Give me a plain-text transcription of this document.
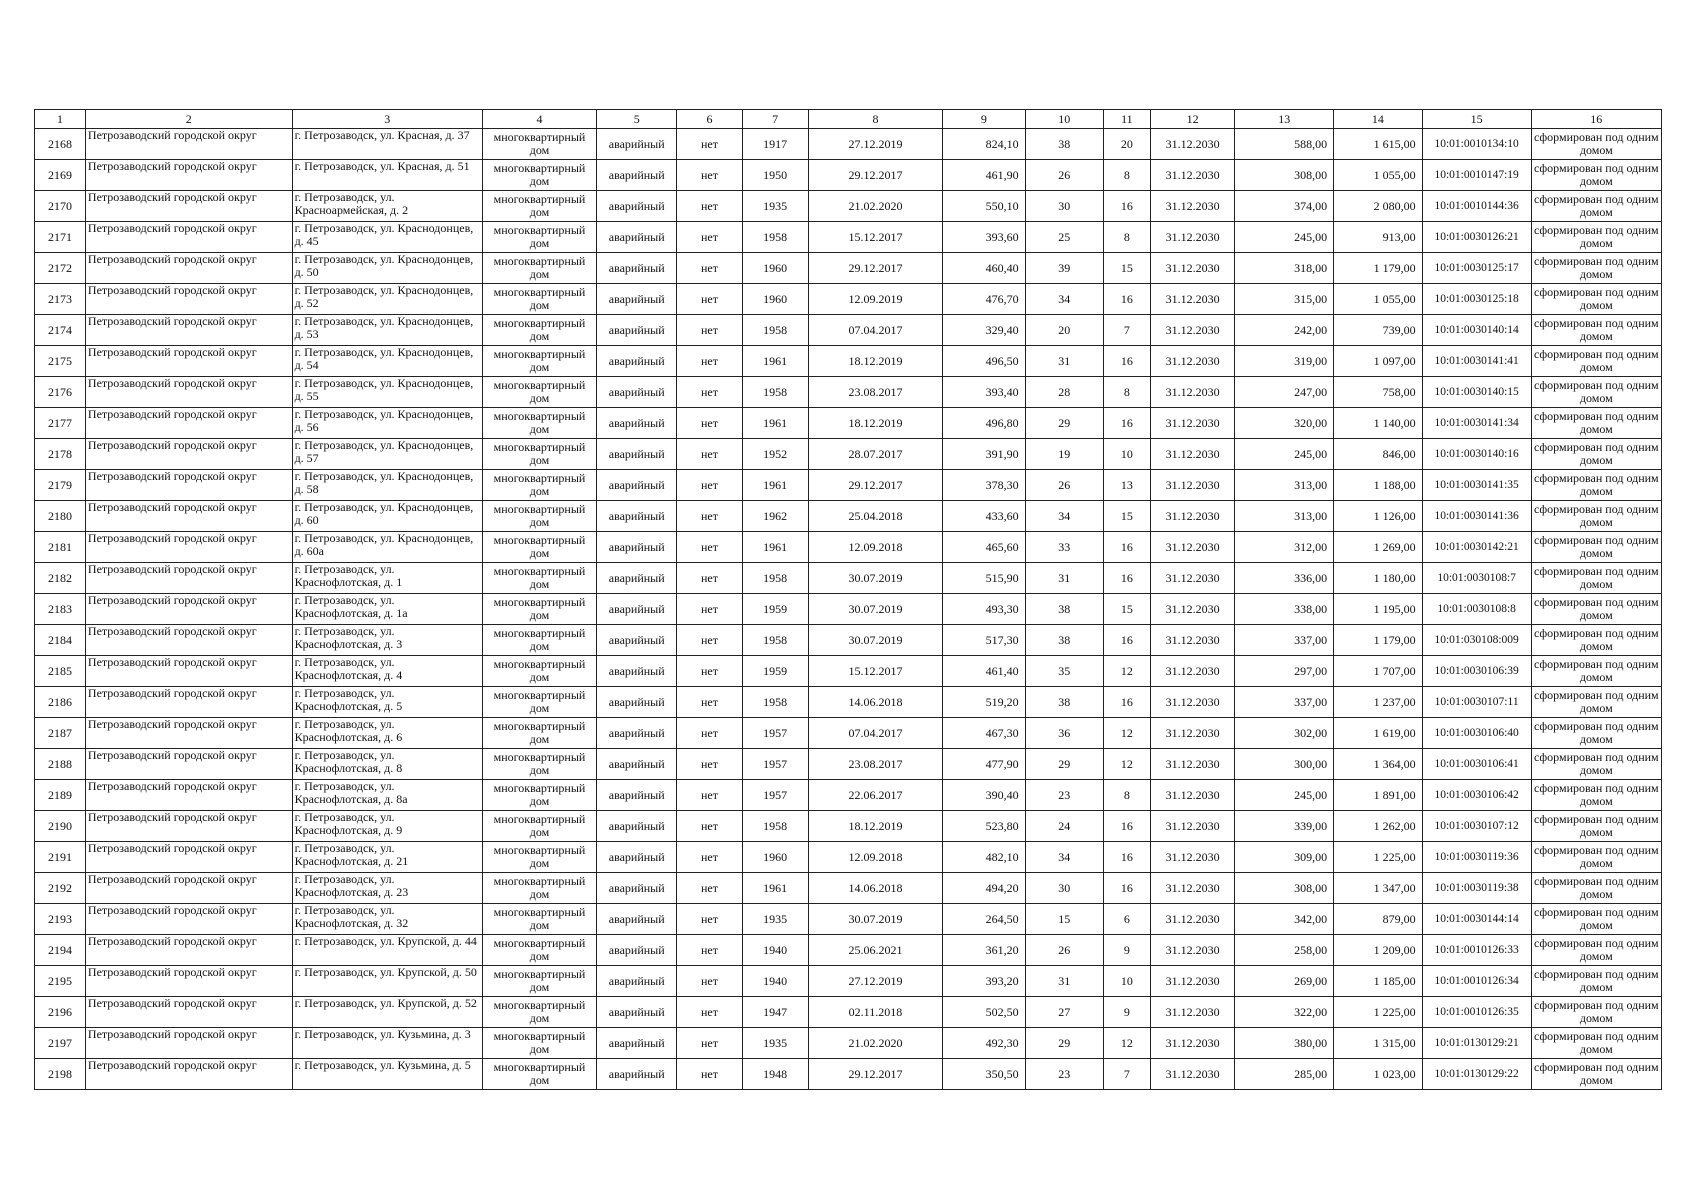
1	2	3	4	5	6	7	8	9	10	11	12	13	14	15	16
2168	Петрозаводский городской округ	г. Петрозаводск, ул. Красная, д. 37	многоквартирный дом	аварийный	нет	1917	27.12.2019	824,10	38	20	31.12.2030	588,00	1 615,00	10:01:0010134:10	сформирован под одним домом
2169	Петрозаводский городской округ	г. Петрозаводск, ул. Красная, д. 51	многоквартирный дом	аварийный	нет	1950	29.12.2017	461,90	26	8	31.12.2030	308,00	1 055,00	10:01:0010147:19	сформирован под одним домом
2170	Петрозаводский городской округ	г. Петрозаводск, ул. Красноармейская, д. 2	многоквартирный дом	аварийный	нет	1935	21.02.2020	550,10	30	16	31.12.2030	374,00	2 080,00	10:01:0010144:36	сформирован под одним домом
2171	Петрозаводский городской округ	г. Петрозаводск, ул. Краснодонцев, д. 45	многоквартирный дом	аварийный	нет	1958	15.12.2017	393,60	25	8	31.12.2030	245,00	913,00	10:01:0030126:21	сформирован под одним домом
2172	Петрозаводский городской округ	г. Петрозаводск, ул. Краснодонцев, д. 50	многоквартирный дом	аварийный	нет	1960	29.12.2017	460,40	39	15	31.12.2030	318,00	1 179,00	10:01:0030125:17	сформирован под одним домом
2173	Петрозаводский городской округ	г. Петрозаводск, ул. Краснодонцев, д. 52	многоквартирный дом	аварийный	нет	1960	12.09.2019	476,70	34	16	31.12.2030	315,00	1 055,00	10:01:0030125:18	сформирован под одним домом
2174	Петрозаводский городской округ	г. Петрозаводск, ул. Краснодонцев, д. 53	многоквартирный дом	аварийный	нет	1958	07.04.2017	329,40	20	7	31.12.2030	242,00	739,00	10:01:0030140:14	сформирован под одним домом
2175	Петрозаводский городской округ	г. Петрозаводск, ул. Краснодонцев, д. 54	многоквартирный дом	аварийный	нет	1961	18.12.2019	496,50	31	16	31.12.2030	319,00	1 097,00	10:01:0030141:41	сформирован под одним домом
2176	Петрозаводский городской округ	г. Петрозаводск, ул. Краснодонцев, д. 55	многоквартирный дом	аварийный	нет	1958	23.08.2017	393,40	28	8	31.12.2030	247,00	758,00	10:01:0030140:15	сформирован под одним домом
2177	Петрозаводский городской округ	г. Петрозаводск, ул. Краснодонцев, д. 56	многоквартирный дом	аварийный	нет	1961	18.12.2019	496,80	29	16	31.12.2030	320,00	1 140,00	10:01:0030141:34	сформирован под одним домом
2178	Петрозаводский городской округ	г. Петрозаводск, ул. Краснодонцев, д. 57	многоквартирный дом	аварийный	нет	1952	28.07.2017	391,90	19	10	31.12.2030	245,00	846,00	10:01:0030140:16	сформирован под одним домом
2179	Петрозаводский городской округ	г. Петрозаводск, ул. Краснодонцев, д. 58	многоквартирный дом	аварийный	нет	1961	29.12.2017	378,30	26	13	31.12.2030	313,00	1 188,00	10:01:0030141:35	сформирован под одним домом
2180	Петрозаводский городской округ	г. Петрозаводск, ул. Краснодонцев, д. 60	многоквартирный дом	аварийный	нет	1962	25.04.2018	433,60	34	15	31.12.2030	313,00	1 126,00	10:01:0030141:36	сформирован под одним домом
2181	Петрозаводский городской округ	г. Петрозаводск, ул. Краснодонцев, д. 60а	многоквартирный дом	аварийный	нет	1961	12.09.2018	465,60	33	16	31.12.2030	312,00	1 269,00	10:01:0030142:21	сформирован под одним домом
2182	Петрозаводский городской округ	г. Петрозаводск, ул. Краснофлотская, д. 1	многоквартирный дом	аварийный	нет	1958	30.07.2019	515,90	31	16	31.12.2030	336,00	1 180,00	10:01:0030108:7	сформирован под одним домом
2183	Петрозаводский городской округ	г. Петрозаводск, ул. Краснофлотская, д. 1а	многоквартирный дом	аварийный	нет	1959	30.07.2019	493,30	38	15	31.12.2030	338,00	1 195,00	10:01:0030108:8	сформирован под одним домом
2184	Петрозаводский городской округ	г. Петрозаводск, ул. Краснофлотская, д. 3	многоквартирный дом	аварийный	нет	1958	30.07.2019	517,30	38	16	31.12.2030	337,00	1 179,00	10:01:030108:009	сформирован под одним домом
2185	Петрозаводский городской округ	г. Петрозаводск, ул. Краснофлотская, д. 4	многоквартирный дом	аварийный	нет	1959	15.12.2017	461,40	35	12	31.12.2030	297,00	1 707,00	10:01:0030106:39	сформирован под одним домом
2186	Петрозаводский городской округ	г. Петрозаводск, ул. Краснофлотская, д. 5	многоквартирный дом	аварийный	нет	1958	14.06.2018	519,20	38	16	31.12.2030	337,00	1 237,00	10:01:0030107:11	сформирован под одним домом
2187	Петрозаводский городской округ	г. Петрозаводск, ул. Краснофлотская, д. 6	многоквартирный дом	аварийный	нет	1957	07.04.2017	467,30	36	12	31.12.2030	302,00	1 619,00	10:01:0030106:40	сформирован под одним домом
2188	Петрозаводский городской округ	г. Петрозаводск, ул. Краснофлотская, д. 8	многоквартирный дом	аварийный	нет	1957	23.08.2017	477,90	29	12	31.12.2030	300,00	1 364,00	10:01:0030106:41	сформирован под одним домом
2189	Петрозаводский городской округ	г. Петрозаводск, ул. Краснофлотская, д. 8а	многоквартирный дом	аварийный	нет	1957	22.06.2017	390,40	23	8	31.12.2030	245,00	1 891,00	10:01:0030106:42	сформирован под одним домом
2190	Петрозаводский городской округ	г. Петрозаводск, ул. Краснофлотская, д. 9	многоквартирный дом	аварийный	нет	1958	18.12.2019	523,80	24	16	31.12.2030	339,00	1 262,00	10:01:0030107:12	сформирован под одним домом
2191	Петрозаводский городской округ	г. Петрозаводск, ул. Краснофлотская, д. 21	многоквартирный дом	аварийный	нет	1960	12.09.2018	482,10	34	16	31.12.2030	309,00	1 225,00	10:01:0030119:36	сформирован под одним домом
2192	Петрозаводский городской округ	г. Петрозаводск, ул. Краснофлотская, д. 23	многоквартирный дом	аварийный	нет	1961	14.06.2018	494,20	30	16	31.12.2030	308,00	1 347,00	10:01:0030119:38	сформирован под одним домом
2193	Петрозаводский городской округ	г. Петрозаводск, ул. Краснофлотская, д. 32	многоквартирный дом	аварийный	нет	1935	30.07.2019	264,50	15	6	31.12.2030	342,00	879,00	10:01:0030144:14	сформирован под одним домом
2194	Петрозаводский городской округ	г. Петрозаводск, ул. Крупской, д. 44	многоквартирный дом	аварийный	нет	1940	25.06.2021	361,20	26	9	31.12.2030	258,00	1 209,00	10:01:0010126:33	сформирован под одним домом
2195	Петрозаводский городской округ	г. Петрозаводск, ул. Крупской, д. 50	многоквартирный дом	аварийный	нет	1940	27.12.2019	393,20	31	10	31.12.2030	269,00	1 185,00	10:01:0010126:34	сформирован под одним домом
2196	Петрозаводский городской округ	г. Петрозаводск, ул. Крупской, д. 52	многоквартирный дом	аварийный	нет	1947	02.11.2018	502,50	27	9	31.12.2030	322,00	1 225,00	10:01:0010126:35	сформирован под одним домом
2197	Петрозаводский городской округ	г. Петрозаводск, ул. Кузьмина, д. 3	многоквартирный дом	аварийный	нет	1935	21.02.2020	492,30	29	12	31.12.2030	380,00	1 315,00	10:01:0130129:21	сформирован под одним домом
2198	Петрозаводский городской округ	г. Петрозаводск, ул. Кузьмина, д. 5	многоквартирный дом	аварийный	нет	1948	29.12.2017	350,50	23	7	31.12.2030	285,00	1 023,00	10:01:0130129:22	сформирован под одним домом
